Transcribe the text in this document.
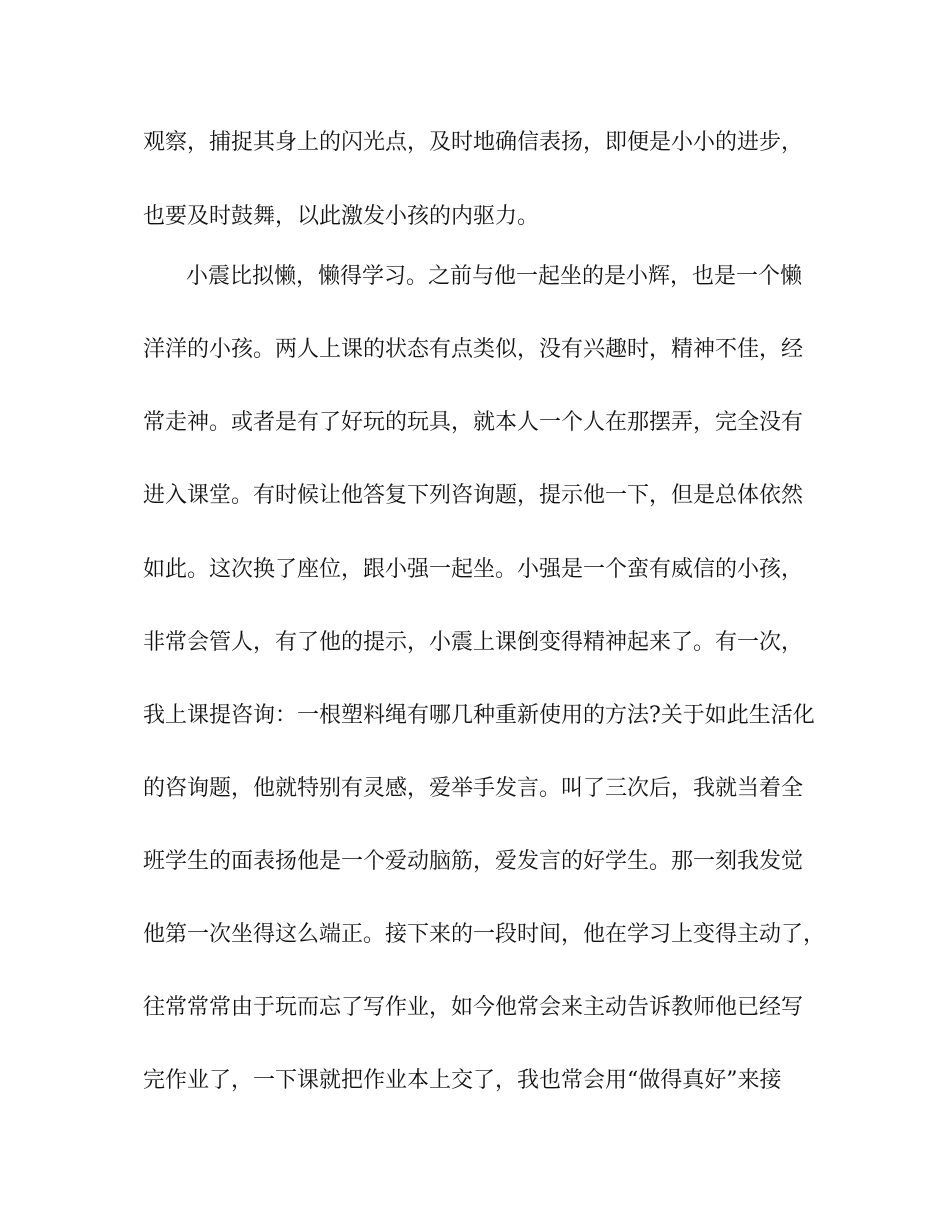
观察，捕捉其身上的闪光点，及时地确信表扬，即便是小小的进步，
也要及时鼓舞，以此激发小孩的内驱力。
小震比拟懒，懒得学习。之前与他一起坐的是小辉，也是一个懒
洋洋的小孩。两人上课的状态有点类似，没有兴趣时，精神不佳，经
常走神。或者是有了好玩的玩具，就本人一个人在那摆弄，完全没有
进入课堂。有时候让他答复下列咨询题，提示他一下，但是总体依然
如此。这次换了座位，跟小强一起坐。小强是一个蛮有威信的小孩，
非常会管人，有了他的提示，小震上课倒变得精神起来了。有一次，
我上课提咨询：一根塑料绳有哪几种重新使用的方法?关于如此生活化
的咨询题，他就特别有灵感，爱举手发言。叫了三次后，我就当着全
班学生的面表扬他是一个爱动脑筋，爱发言的好学生。那一刻我发觉
他第一次坐得这么端正。接下来的一段时间，他在学习上变得主动了，
往常常常由于玩而忘了写作业，如今他常会来主动告诉教师他已经写
完作业了，一下课就把作业本上交了，我也常会用“做得真好”来接
